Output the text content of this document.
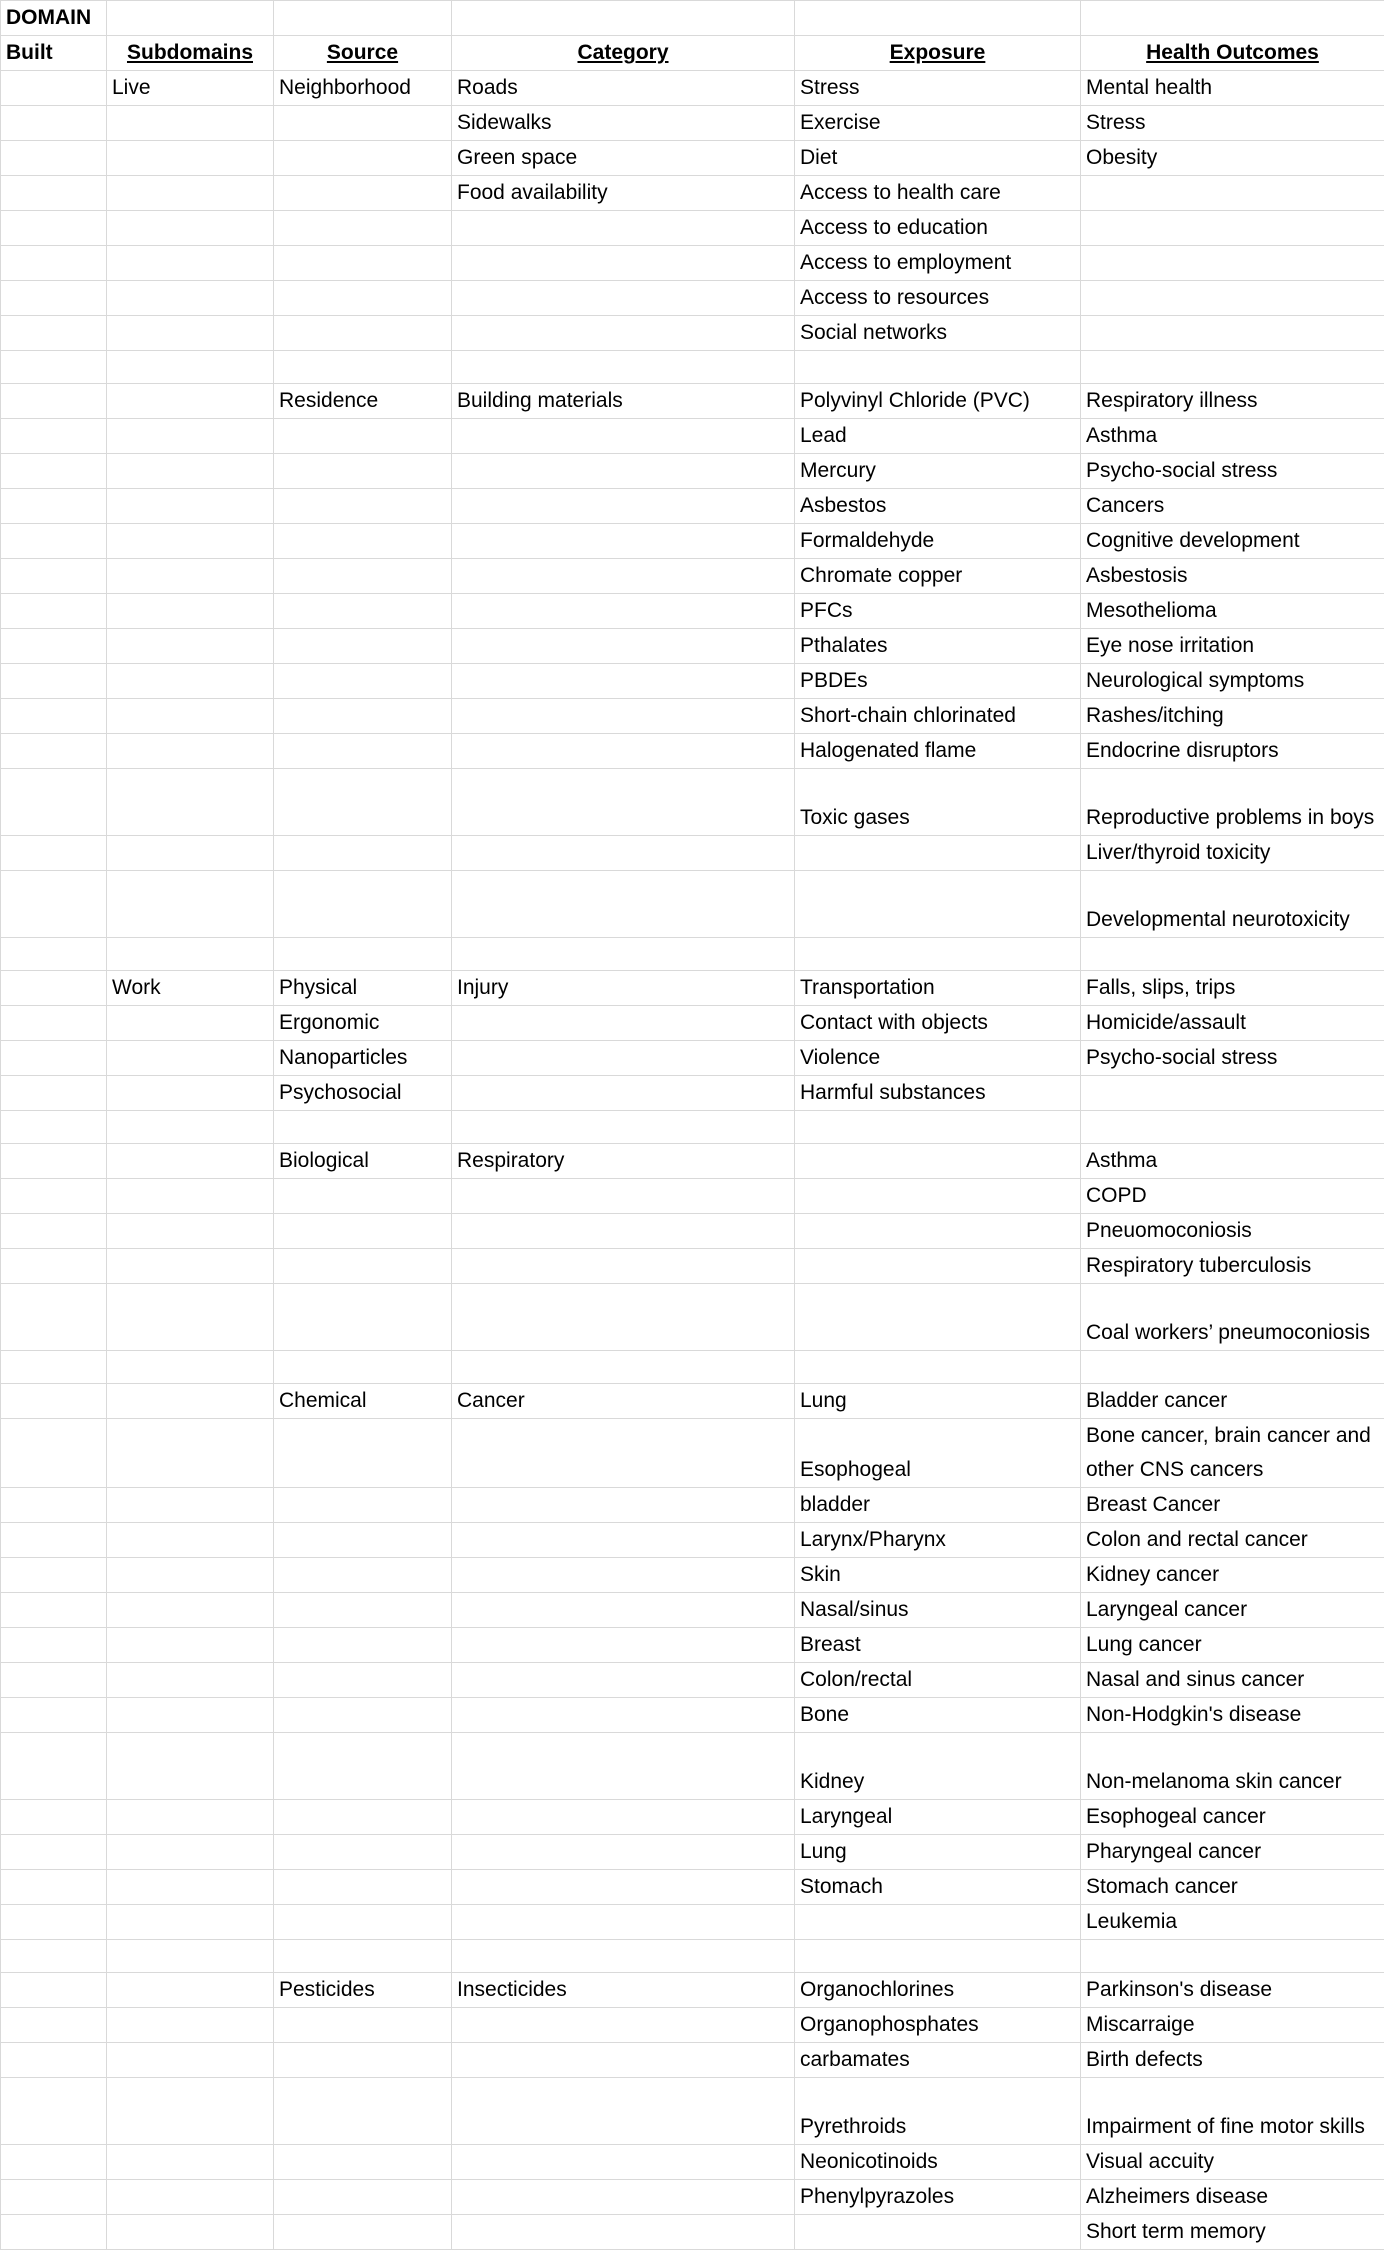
DOMAIN					
Built	Subdomains	Source	Category	Exposure	Health Outcomes
	Live	Neighborhood	Roads	Stress	Mental health
			Sidewalks	Exercise	Stress
			Green space	Diet	Obesity
			Food availability	Access to health care	
				Access to education	
				Access to employment	
				Access to resources	
				Social networks	

		Residence	Building materials	Polyvinyl Chloride (PVC)	Respiratory illness
				Lead	Asthma
				Mercury	Psycho-social stress
				Asbestos	Cancers
				Formaldehyde	Cognitive development
				Chromate copper	Asbestosis
				PFCs	Mesothelioma
				Pthalates	Eye nose irritation
				PBDEs	Neurological symptoms
				Short-chain chlorinated	Rashes/itching
				Halogenated flame	Endocrine disruptors
				Toxic gases	Reproductive problems in boys
					Liver/thyroid toxicity
					Developmental neurotoxicity

	Work	Physical	Injury	Transportation	Falls, slips, trips
		Ergonomic		Contact with objects	Homicide/assault
		Nanoparticles		Violence	Psycho-social stress
		Psychosocial		Harmful substances	

		Biological	Respiratory		Asthma
					COPD
					Pneuomoconiosis
					Respiratory tuberculosis
					Coal workers’ pneumoconiosis

		Chemical	Cancer	Lung	Bladder cancer
				Esophogeal	Bone cancer, brain cancer and other CNS cancers
				bladder	Breast Cancer
				Larynx/Pharynx	Colon and rectal cancer
				Skin	Kidney cancer
				Nasal/sinus	Laryngeal cancer
				Breast	Lung cancer
				Colon/rectal	Nasal and sinus cancer
				Bone	Non-Hodgkin's disease
				Kidney	Non-melanoma skin cancer
				Laryngeal	Esophogeal cancer
				Lung	Pharyngeal cancer
				Stomach	Stomach cancer
					Leukemia

		Pesticides	Insecticides	Organochlorines	Parkinson's disease
				Organophosphates	Miscarraige
				carbamates	Birth defects
				Pyrethroids	Impairment of fine motor skills
				Neonicotinoids	Visual accuity
				Phenylpyrazoles	Alzheimers disease
					Short term memory
